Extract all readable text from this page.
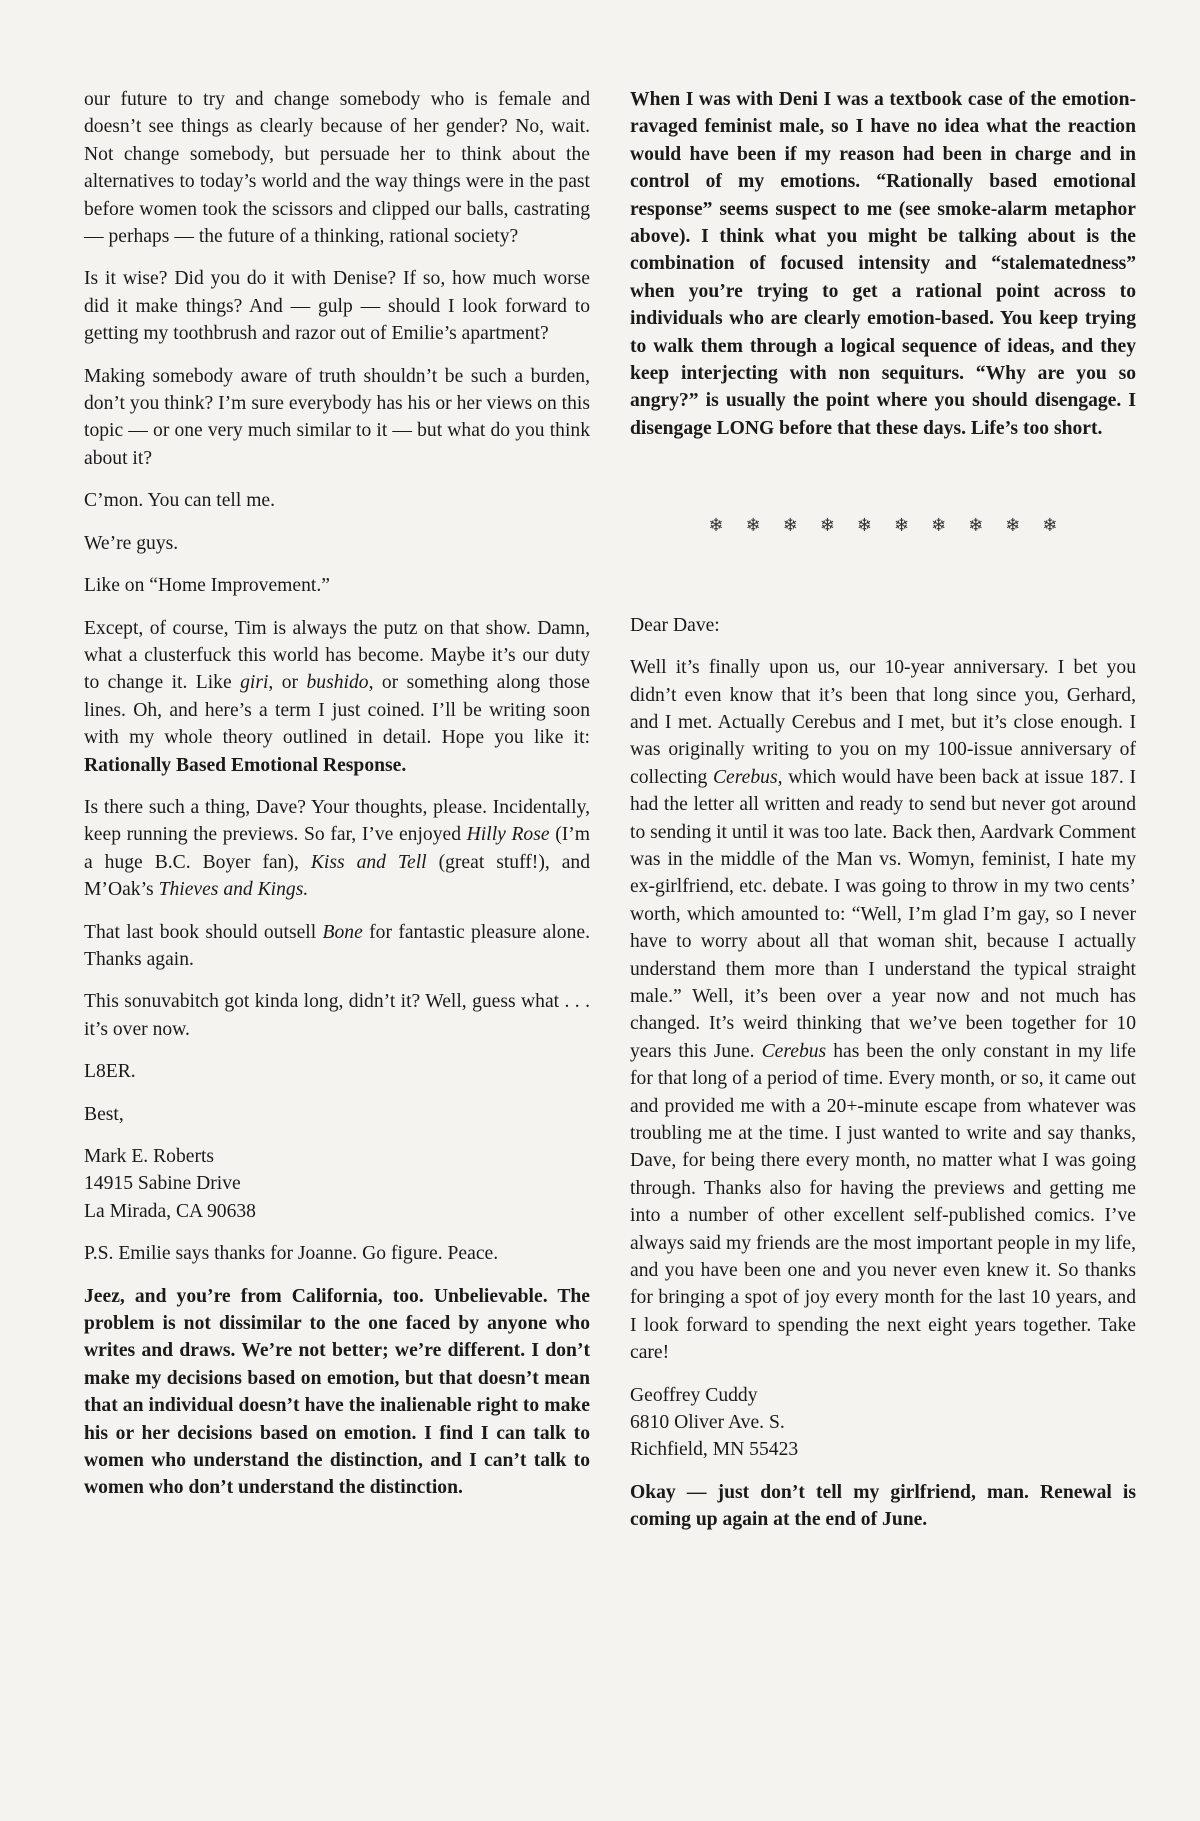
our future to try and change somebody who is female and doesn’t see things as clearly because of her gender? No, wait. Not change somebody, but persuade her to think about the alternatives to today’s world and the way things were in the past before women took the scissors and clipped our balls, castrating — perhaps — the future of a thinking, rational society?

Is it wise? Did you do it with Denise? If so, how much worse did it make things? And — gulp — should I look forward to getting my toothbrush and razor out of Emilie’s apartment?

Making somebody aware of truth shouldn’t be such a burden, don’t you think? I’m sure everybody has his or her views on this topic — or one very much similar to it — but what do you think about it?

C’mon. You can tell me.

We’re guys.

Like on “Home Improvement.”

Except, of course, Tim is always the putz on that show. Damn, what a clusterfuck this world has become. Maybe it’s our duty to change it. Like giri, or bushido, or something along those lines. Oh, and here’s a term I just coined. I’ll be writing soon with my whole theory outlined in detail. Hope you like it: Rationally Based Emotional Response.

Is there such a thing, Dave? Your thoughts, please. Incidentally, keep running the previews. So far, I’ve enjoyed Hilly Rose (I’m a huge B.C. Boyer fan), Kiss and Tell (great stuff!), and M’Oak’s Thieves and Kings.

That last book should outsell Bone for fantastic pleasure alone. Thanks again.

This sonuvabitch got kinda long, didn’t it? Well, guess what . . . it’s over now.

L8ER.

Best,

Mark E. Roberts
14915 Sabine Drive
La Mirada, CA 90638

P.S. Emilie says thanks for Joanne. Go figure. Peace.

Jeez, and you’re from California, too. Unbelievable. The problem is not dissimilar to the one faced by anyone who writes and draws. We’re not better; we’re different. I don’t make my decisions based on emotion, but that doesn’t mean that an individual doesn’t have the inalienable right to make his or her decisions based on emotion. I find I can talk to women who understand the distinction, and I can’t talk to women who don’t understand the distinction.

When I was with Deni I was a textbook case of the emotion-ravaged feminist male, so I have no idea what the reaction would have been if my reason had been in charge and in control of my emotions. “Rationally based emotional response” seems suspect to me (see smoke-alarm metaphor above). I think what you might be talking about is the combination of focused intensity and “stalematedness” when you’re trying to get a rational point across to individuals who are clearly emotion-based. You keep trying to walk them through a logical sequence of ideas, and they keep interjecting with non sequiturs. “Why are you so angry?” is usually the point where you should disengage. I disengage LONG before that these days. Life’s too short.

❄ ❄ ❄ ❄ ❄ ❄ ❄ ❄ ❄ ❄

Dear Dave:

Well it’s finally upon us, our 10-year anniversary. I bet you didn’t even know that it’s been that long since you, Gerhard, and I met. Actually Cerebus and I met, but it’s close enough. I was originally writing to you on my 100-issue anniversary of collecting Cerebus, which would have been back at issue 187. I had the letter all written and ready to send but never got around to sending it until it was too late. Back then, Aardvark Comment was in the middle of the Man vs. Womyn, feminist, I hate my ex-girlfriend, etc. debate. I was going to throw in my two cents’ worth, which amounted to: “Well, I’m glad I’m gay, so I never have to worry about all that woman shit, because I actually understand them more than I understand the typical straight male.” Well, it’s been over a year now and not much has changed. It’s weird thinking that we’ve been together for 10 years this June. Cerebus has been the only constant in my life for that long of a period of time. Every month, or so, it came out and provided me with a 20+-minute escape from whatever was troubling me at the time. I just wanted to write and say thanks, Dave, for being there every month, no matter what I was going through. Thanks also for having the previews and getting me into a number of other excellent self-published comics. I’ve always said my friends are the most important people in my life, and you have been one and you never even knew it. So thanks for bringing a spot of joy every month for the last 10 years, and I look forward to spending the next eight years together. Take care!

Geoffrey Cuddy
6810 Oliver Ave. S.
Richfield, MN 55423

Okay — just don’t tell my girlfriend, man. Renewal is coming up again at the end of June.
